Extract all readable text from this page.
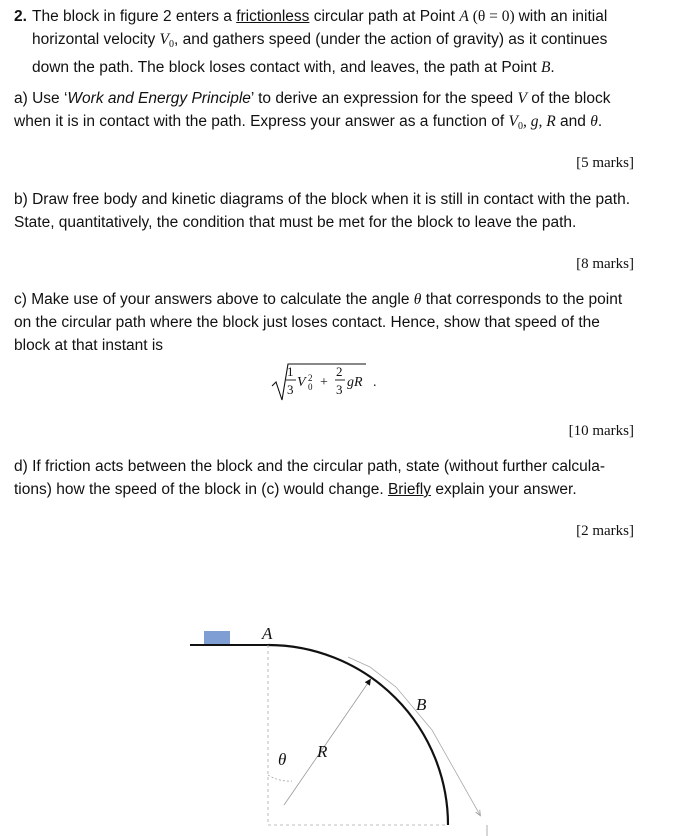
2. The block in figure 2 enters a frictionless circular path at Point A (θ = 0) with an initial horizontal velocity $V_0$, and gathers speed (under the action of gravity) as it continues down the path. The block loses contact with, and leaves, the path at Point B.
a) Use ‘Work and Energy Principle’ to derive an expression for the speed V of the block when it is in contact with the path. Express your answer as a function of $V_0$, g, R and θ.
[5 marks]
b) Draw free body and kinetic diagrams of the block when it is still in contact with the path. State, quantitatively, the condition that must be met for the block to leave the path.
[8 marks]
c) Make use of your answers above to calculate the angle θ that corresponds to the point on the circular path where the block just loses contact. Hence, show that speed of the block at that instant is
1
3 V 2
0 +
2
3 gR .
[10 marks]
d) If friction acts between the block and the circular path, state (without further calcula-tions) how the speed of the block in (c) would change. Briefly explain your answer.
[2 marks]
A
B
R
θ
